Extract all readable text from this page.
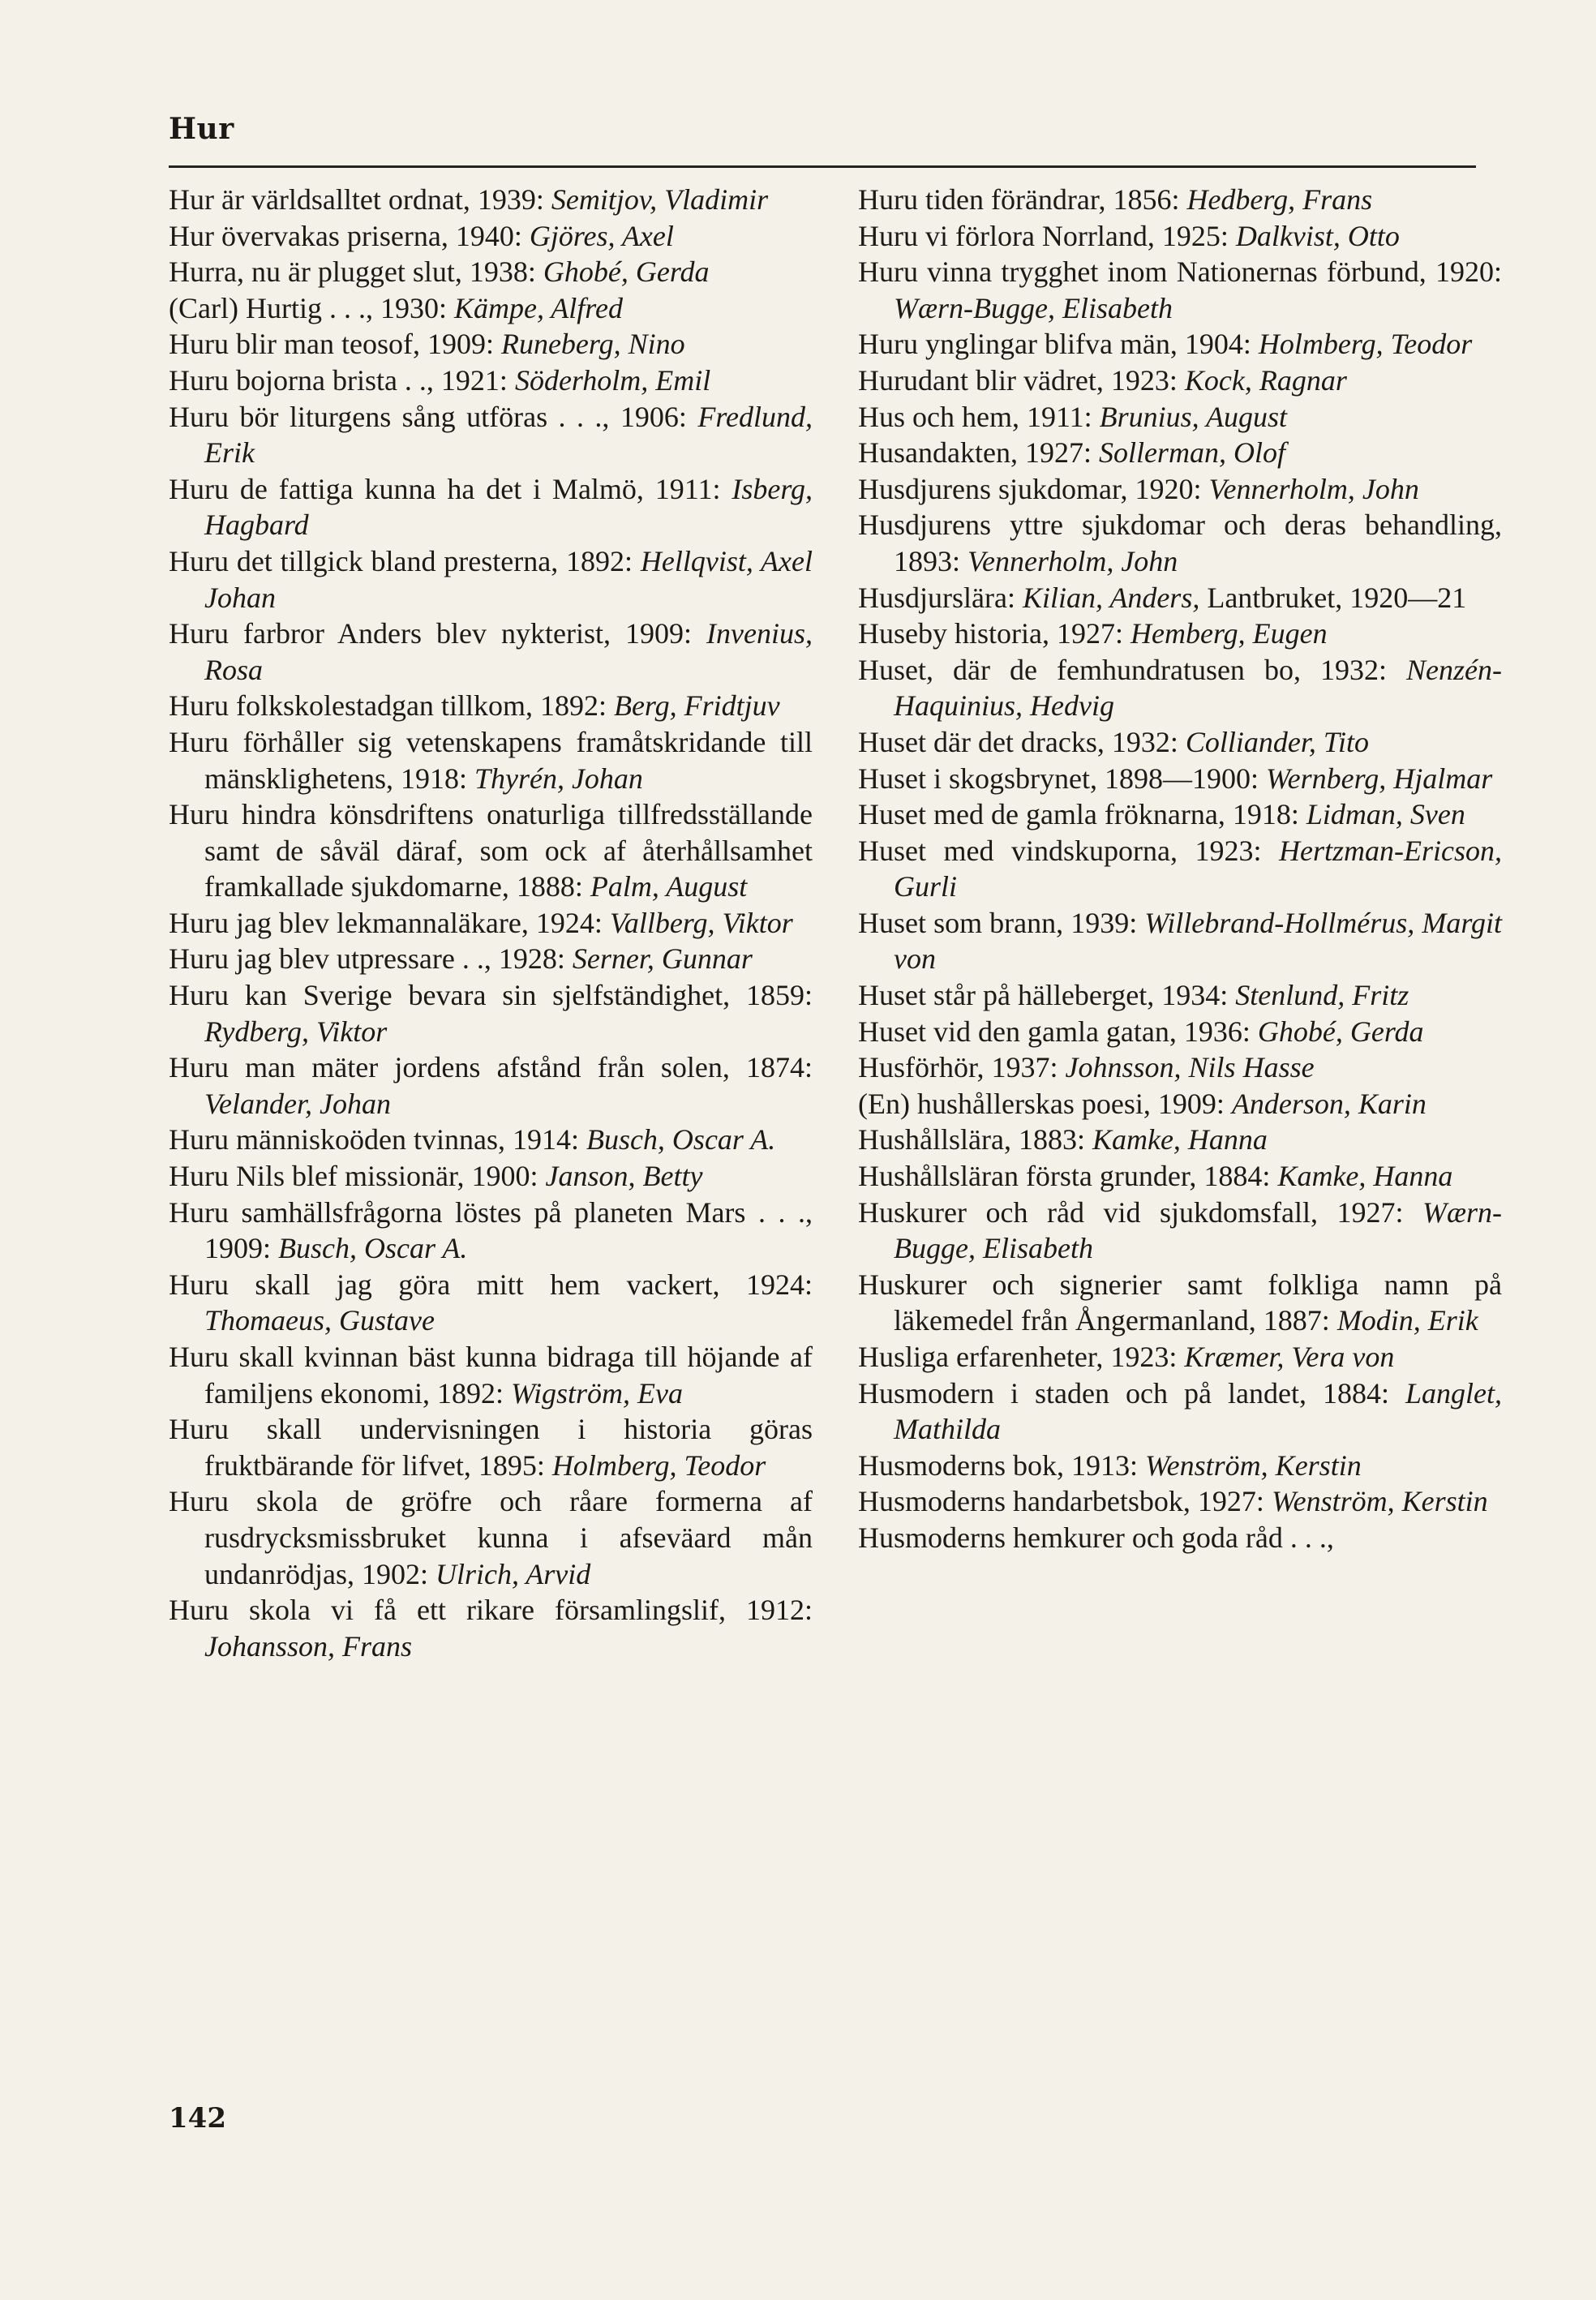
Hur

Hur är världsalltet ordnat, 1939: Semitjov, Vladimir

Hur övervakas priserna, 1940: Gjöres, Axel

Hurra, nu är plugget slut, 1938: Ghobé, Gerda

(Carl) Hurtig . . ., 1930: Kämpe, Alfred

Huru blir man teosof, 1909: Runeberg, Nino

Huru bojorna brista . ., 1921: Söderholm, Emil

Huru bör liturgens sång utföras . . ., 1906: Fredlund, Erik

Huru de fattiga kunna ha det i Malmö, 1911: Isberg, Hagbard

Huru det tillgick bland presterna, 1892: Hellqvist, Axel Johan

Huru farbror Anders blev nykterist, 1909: Invenius, Rosa

Huru folkskolestadgan tillkom, 1892: Berg, Fridtjuv

Huru förhåller sig vetenskapens framåtskridande till mänsklighetens, 1918: Thyrén, Johan

Huru hindra könsdriftens onaturliga tillfredsställande samt de såväl däraf, som ock af återhållsamhet framkallade sjukdomarne, 1888: Palm, August

Huru jag blev lekmannaläkare, 1924: Vallberg, Viktor

Huru jag blev utpressare . ., 1928: Serner, Gunnar

Huru kan Sverige bevara sin sjelfständighet, 1859: Rydberg, Viktor

Huru man mäter jordens afstånd från solen, 1874: Velander, Johan

Huru människoöden tvinnas, 1914: Busch, Oscar A.

Huru Nils blef missionär, 1900: Janson, Betty

Huru samhällsfrågorna löstes på planeten Mars . . ., 1909: Busch, Oscar A.

Huru skall jag göra mitt hem vackert, 1924: Thomaeus, Gustave

Huru skall kvinnan bäst kunna bidraga till höjande af familjens ekonomi, 1892: Wigström, Eva

Huru skall undervisningen i historia göras fruktbärande för lifvet, 1895: Holmberg, Teodor

Huru skola de gröfre och råare formerna af rusdrycksmissbruket kunna i afseväard mån undanrödjas, 1902: Ulrich, Arvid

Huru skola vi få ett rikare församlingslif, 1912: Johansson, Frans

Huru tiden förändrar, 1856: Hedberg, Frans

Huru vi förlora Norrland, 1925: Dalkvist, Otto

Huru vinna trygghet inom Nationernas förbund, 1920: Wærn-Bugge, Elisabeth

Huru ynglingar blifva män, 1904: Holmberg, Teodor

Hurudant blir vädret, 1923: Kock, Ragnar

Hus och hem, 1911: Brunius, August

Husandakten, 1927: Sollerman, Olof

Husdjurens sjukdomar, 1920: Vennerholm, John

Husdjurens yttre sjukdomar och deras behandling, 1893: Vennerholm, John

Husdjurslära: Kilian, Anders, Lantbruket, 1920—21

Huseby historia, 1927: Hemberg, Eugen

Huset, där de femhundratusen bo, 1932: Nenzén-Haquinius, Hedvig

Huset där det dracks, 1932: Colliander, Tito

Huset i skogsbrynet, 1898—1900: Wernberg, Hjalmar

Huset med de gamla fröknarna, 1918: Lidman, Sven

Huset med vindskuporna, 1923: Hertzman-Ericson, Gurli

Huset som brann, 1939: Willebrand-Hollmérus, Margit von

Huset står på hälleberget, 1934: Stenlund, Fritz

Huset vid den gamla gatan, 1936: Ghobé, Gerda

Husförhör, 1937: Johnsson, Nils Hasse

(En) hushållerskas poesi, 1909: Anderson, Karin

Hushållslära, 1883: Kamke, Hanna

Hushållsläran första grunder, 1884: Kamke, Hanna

Huskurer och råd vid sjukdomsfall, 1927: Wærn-Bugge, Elisabeth

Huskurer och signerier samt folkliga namn på läkemedel från Ångermanland, 1887: Modin, Erik

Husliga erfarenheter, 1923: Kræmer, Vera von

Husmodern i staden och på landet, 1884: Langlet, Mathilda

Husmoderns bok, 1913: Wenström, Kerstin

Husmoderns handarbetsbok, 1927: Wenström, Kerstin

Husmoderns hemkurer och goda råd . . .,

142
